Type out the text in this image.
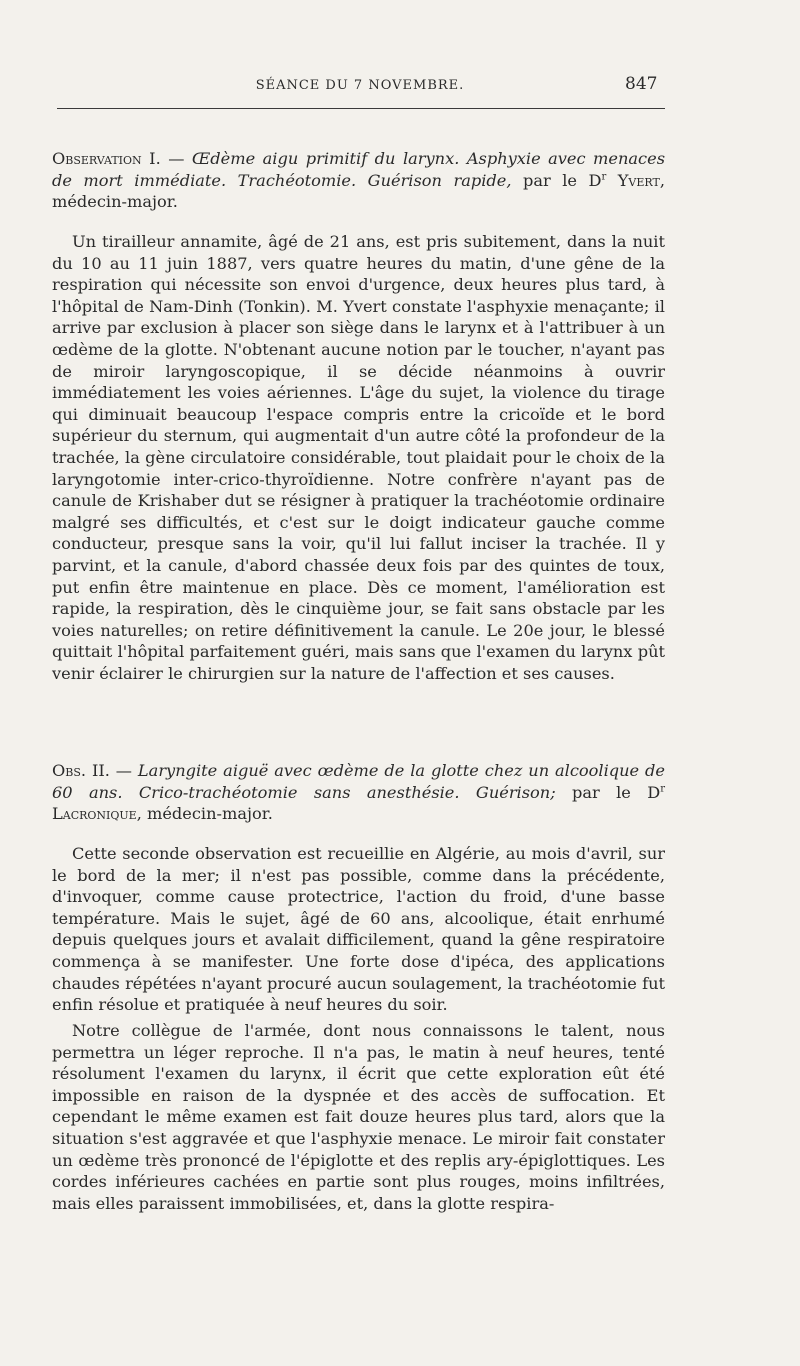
SÉANCE DU 7 NOVEMBRE.	847

Observation I. — Œdème aigu primitif du larynx. Asphyxie avec menaces de mort immédiate. Trachéotomie. Guérison rapide, par le $D^r$ Yvert, médecin-major.

Un tirailleur annamite, âgé de 21 ans, est pris subitement, dans la nuit du 10 au 11 juin 1887, vers quatre heures du matin, d'une gêne de la respiration qui nécessite son envoi d'urgence, deux heures plus tard, à l'hôpital de Nam-Dinh (Tonkin). M. Yvert constate l'asphyxie menaçante; il arrive par exclusion à placer son siège dans le larynx et à l'attribuer à un œdème de la glotte. N'obtenant aucune notion par le toucher, n'ayant pas de miroir laryngoscopique, il se décide néanmoins à ouvrir immédiatement les voies aériennes. L'âge du sujet, la violence du tirage qui diminuait beaucoup l'espace compris entre la cricoïde et le bord supérieur du sternum, qui augmentait d'un autre côté la profondeur de la trachée, la gène circulatoire considérable, tout plaidait pour le choix de la laryngotomie inter-crico-thyroïdienne. Notre confrère n'ayant pas de canule de Krishaber dut se résigner à pratiquer la trachéotomie ordinaire malgré ses difficultés, et c'est sur le doigt indicateur gauche comme conducteur, presque sans la voir, qu'il lui fallut inciser la trachée. Il y parvint, et la canule, d'abord chassée deux fois par des quintes de toux, put enfin être maintenue en place. Dès ce moment, l'amélioration est rapide, la respiration, dès le cinquième jour, se fait sans obstacle par les voies naturelles; on retire définitivement la canule. Le 20e jour, le blessé quittait l'hôpital parfaitement guéri, mais sans que l'examen du larynx pût venir éclairer le chirurgien sur la nature de l'affection et ses causes.

Obs. II. — Laryngite aiguë avec œdème de la glotte chez un alcoolique de 60 ans. Crico-trachéotomie sans anesthésie. Guérison; par le $D^r$ Lacronique, médecin-major.

Cette seconde observation est recueillie en Algérie, au mois d'avril, sur le bord de la mer; il n'est pas possible, comme dans la précédente, d'invoquer, comme cause protectrice, l'action du froid, d'une basse température. Mais le sujet, âgé de 60 ans, alcoolique, était enrhumé depuis quelques jours et avalait difficilement, quand la gêne respiratoire commença à se manifester. Une forte dose d'ipéca, des applications chaudes répétées n'ayant procuré aucun soulagement, la trachéotomie fut enfin résolue et pratiquée à neuf heures du soir.

Notre collègue de l'armée, dont nous connaissons le talent, nous permettra un léger reproche. Il n'a pas, le matin à neuf heures, tenté résolument l'examen du larynx, il écrit que cette exploration eût été impossible en raison de la dyspnée et des accès de suffocation. Et cependant le même examen est fait douze heures plus tard, alors que la situation s'est aggravée et que l'asphyxie menace. Le miroir fait constater un œdème très prononcé de l'épiglotte et des replis ary-épiglottiques. Les cordes inférieures cachées en partie sont plus rouges, moins infiltrées, mais elles paraissent immobilisées, et, dans la glotte respira-
